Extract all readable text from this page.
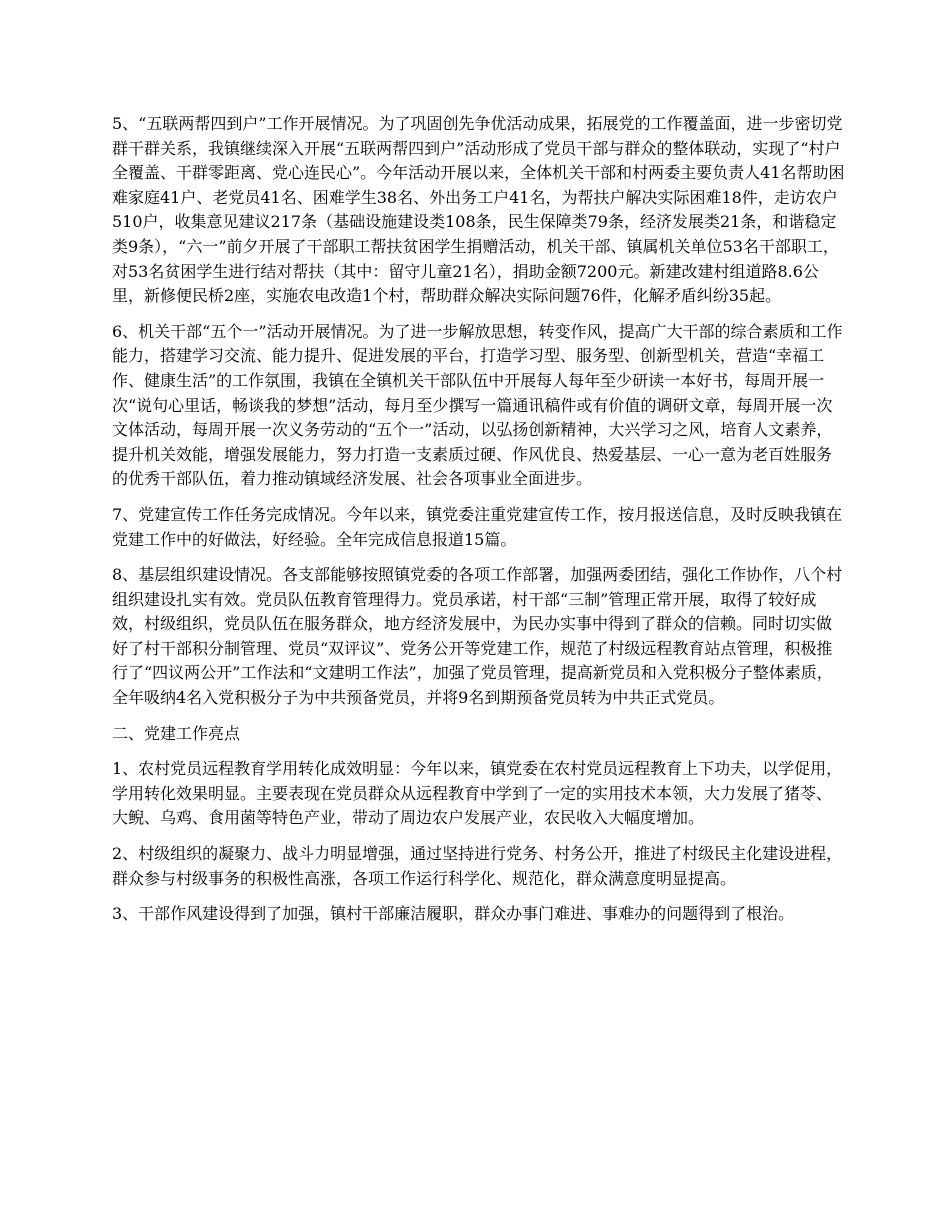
5、“五联两帮四到户”工作开展情况。为了巩固创先争优活动成果，拓展党的工作覆盖面，进一步密切党群干群关系，我镇继续深入开展“五联两帮四到户”活动形成了党员干部与群众的整体联动，实现了“村户全覆盖、干群零距离、党心连民心”。今年活动开展以来，全体机关干部和村两委主要负责人41名帮助困难家庭41户、老党员41名、困难学生38名、外出务工户41名，为帮扶户解决实际困难18件，走访农户510户，收集意见建议217条（基础设施建设类108条，民生保障类79条，经济发展类21条，和谐稳定类9条），“六一”前夕开展了干部职工帮扶贫困学生捐赠活动，机关干部、镇属机关单位53名干部职工，对53名贫困学生进行结对帮扶（其中：留守儿童21名），捐助金额7200元。新建改建村组道路8.6公里，新修便民桥2座，实施农电改造1个村，帮助群众解决实际问题76件，化解矛盾纠纷35起。

6、机关干部“五个一”活动开展情况。为了进一步解放思想，转变作风，提高广大干部的综合素质和工作能力，搭建学习交流、能力提升、促进发展的平台，打造学习型、服务型、创新型机关，营造“幸福工作、健康生活”的工作氛围，我镇在全镇机关干部队伍中开展每人每年至少研读一本好书，每周开展一次“说句心里话，畅谈我的梦想”活动，每月至少撰写一篇通讯稿件或有价值的调研文章，每周开展一次文体活动，每周开展一次义务劳动的“五个一”活动，以弘扬创新精神，大兴学习之风，培育人文素养，提升机关效能，增强发展能力，努力打造一支素质过硬、作风优良、热爱基层、一心一意为老百姓服务的优秀干部队伍，着力推动镇域经济发展、社会各项事业全面进步。

7、党建宣传工作任务完成情况。今年以来，镇党委注重党建宣传工作，按月报送信息，及时反映我镇在党建工作中的好做法，好经验。全年完成信息报道15篇。

8、基层组织建设情况。各支部能够按照镇党委的各项工作部署，加强两委团结，强化工作协作，八个村组织建设扎实有效。党员队伍教育管理得力。党员承诺，村干部“三制”管理正常开展，取得了较好成效，村级组织，党员队伍在服务群众，地方经济发展中，为民办实事中得到了群众的信赖。同时切实做好了村干部积分制管理、党员“双评议”、党务公开等党建工作，规范了村级远程教育站点管理，积极推行了“四议两公开”工作法和“文建明工作法”，加强了党员管理，提高新党员和入党积极分子整体素质，全年吸纳4名入党积极分子为中共预备党员，并将9名到期预备党员转为中共正式党员。

二、党建工作亮点

1、农村党员远程教育学用转化成效明显：今年以来，镇党委在农村党员远程教育上下功夫，以学促用，学用转化效果明显。主要表现在党员群众从远程教育中学到了一定的实用技术本领，大力发展了猪苓、大鲵、乌鸡、食用菌等特色产业，带动了周边农户发展产业，农民收入大幅度增加。

2、村级组织的凝聚力、战斗力明显增强，通过坚持进行党务、村务公开，推进了村级民主化建设进程，群众参与村级事务的积极性高涨，各项工作运行科学化、规范化，群众满意度明显提高。

3、干部作风建设得到了加强，镇村干部廉洁履职，群众办事门难进、事难办的问题得到了根治。
